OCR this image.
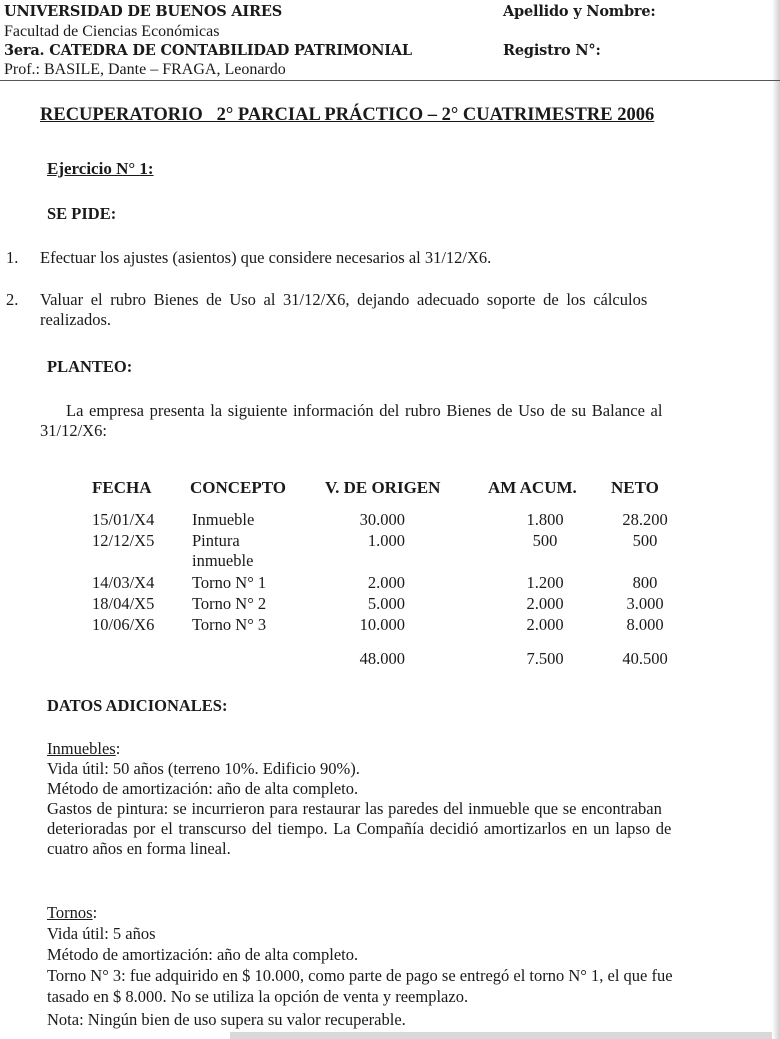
UNIVERSIDAD DE BUENOS AIRES
Facultad de Ciencias Económicas
3era. CATEDRA DE CONTABILIDAD PATRIMONIAL
Prof.: BASILE, Dante – FRAGA, Leonardo
Apellido y Nombre:
Registro N°:
RECUPERATORIO   2° PARCIAL PRÁCTICO – 2° CUATRIMESTRE 2006
Ejercicio N° 1:
SE PIDE:
1. Efectuar los ajustes (asientos) que considere necesarios al 31/12/X6.
2. Valuar el rubro Bienes de Uso al 31/12/X6, dejando adecuado soporte de los cálculos
realizados.
PLANTEO:
La empresa presenta la siguiente información del rubro Bienes de Uso de su Balance al
31/12/X6:
FECHA CONCEPTO V. DE ORIGEN	AM ACUM. NETO
15/01/X4 Inmueble	30.000	1.800	28.200
12/12/X5 Pintura
inmueble
1.000	500	500
14/03/X4 Torno N° 1	2.000	1.200	800
18/04/X5 Torno N° 2	5.000	2.000	3.000
10/06/X6 Torno N° 3	10.000	2.000	8.000
48.000	7.500	40.500
DATOS ADICIONALES:
Inmuebles:
Vida útil: 50 años (terreno 10%. Edificio 90%).
Método de amortización: año de alta completo.
Gastos de pintura: se incurrieron para restaurar las paredes del inmueble que se encontraban
deterioradas por el transcurso del tiempo. La Compañía decidió amortizarlos en un lapso de
cuatro años en forma lineal.
Tornos:
Vida útil: 5 años
Método de amortización: año de alta completo.
Torno N° 3: fue adquirido en $ 10.000, como parte de pago se entregó el torno N° 1, el que fue
tasado en $ 8.000. No se utiliza la opción de venta y reemplazo.
Nota: Ningún bien de uso supera su valor recuperable.
